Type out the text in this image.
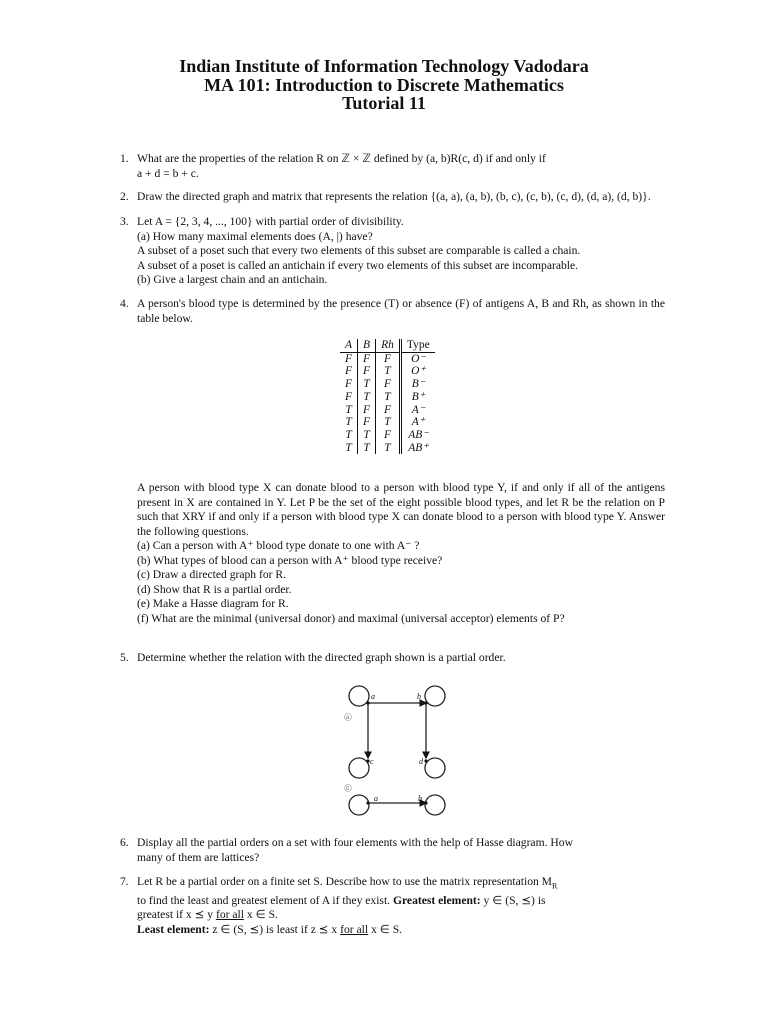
Indian Institute of Information Technology Vadodara
MA 101: Introduction to Discrete Mathematics
Tutorial 11
1. What are the properties of the relation R on ℤ × ℤ defined by (a, b)R(c, d) if and only if
a + d = b + c.
2. Draw the directed graph and matrix that represents the relation {(a, a), (a, b), (b, c), (c, b), (c, d), (d, a), (d, b)}.
3. Let A = {2, 3, 4, ..., 100} with partial order of divisibility.
(a) How many maximal elements does (A, |) have?
A subset of a poset such that every two elements of this subset are comparable is called a chain.
A subset of a poset is called an antichain if every two elements of this subset are incomparable.
(b) Give a largest chain and an antichain.
4. A person's blood type is determined by the presence (T) or absence (F) of antigens A, B and Rh, as shown in the table below.
A	B	Rh	Type
F	F	F	O⁻
F	F	T	O⁺
F	T	F	B⁻
F	T	T	B⁺
T	F	F	A⁻
T	F	T	A⁺
T	T	F	AB⁻
T	T	T	AB⁺
A person with blood type X can donate blood to a person with blood type Y, if and only if all of the antigens present in X are contained in Y. Let P be the set of the eight possible blood types, and let R be the relation on P such that XRY if and only if a person with blood type X can donate blood to a person with blood type Y. Answer the following questions.
(a) Can a person with A⁺ blood type donate to one with A⁻ ?
(b) What types of blood can a person with A⁺ blood type receive?
(c) Draw a directed graph for R.
(d) Show that R is a partial order.
(e) Make a Hasse diagram for R.
(f) What are the minimal (universal donor) and maximal (universal acceptor) elements of P?
5. Determine whether the relation with the directed graph shown is a partial order.
a	b
c	d
a	b
a
b
6. Display all the partial orders on a set with four elements with the help of Hasse diagram. How
many of them are lattices?
7. Let R be a partial order on a finite set S. Describe how to use the matrix representation $M_R$
to find the least and greatest element of A if they exist. Greatest element: y ∈ (S, ⪯) is
greatest if x ⪯ y for all x ∈ S.
Least element: z ∈ (S, ⪯) is least if z ⪯ x for all x ∈ S.
